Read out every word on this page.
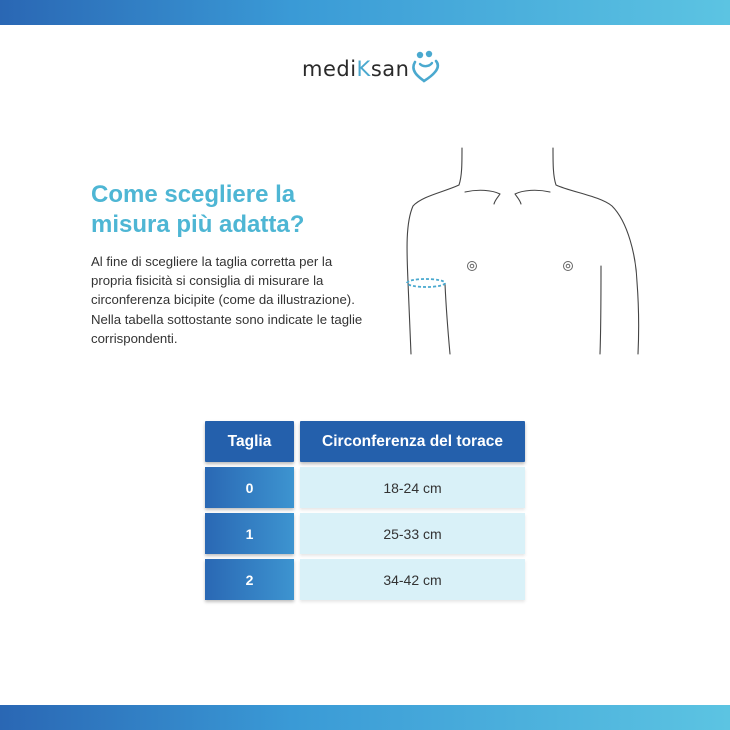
mediKsan
Come scegliere la misura più adatta?

Al fine di scegliere la taglia corretta per la propria fisicità si consiglia di misurare la circonferenza bicipite (come da illustrazione). Nella tabella sottostante sono indicate le taglie corrispondenti.

Taglia	Circonferenza del torace
0	18-24 cm
1	25-33 cm
2	34-42 cm
